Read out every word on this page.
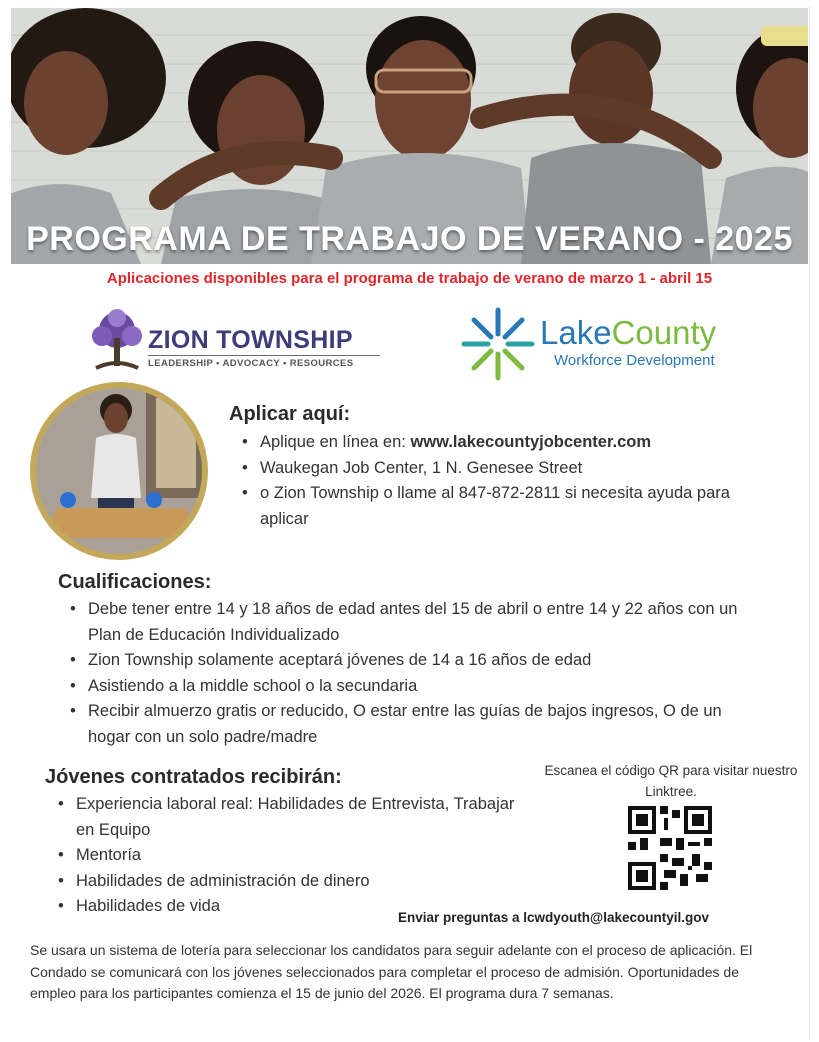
PROGRAMA DE TRABAJO DE VERANO - 2025
Aplicaciones disponibles para el programa de trabajo de verano de marzo 1 - abril 15
ZION TOWNSHIP
LEADERSHIP • ADVOCACY • RESOURCES
LakeCounty
Workforce Development
Aplicar aquí:
• Aplique en línea en: www.lakecountyjobcenter.com
• Waukegan Job Center, 1 N. Genesee Street
• o Zion Township o llame al 847-872-2811 si necesita ayuda para aplicar
Cualificaciones:
• Debe tener entre 14 y 18 años de edad antes del 15 de abril o entre 14 y 22 años con un Plan de Educación Individualizado
• Zion Township solamente aceptará jóvenes de 14 a 16 años de edad
• Asistiendo a la middle school o la secundaria
• Recibir almuerzo gratis or reducido, O estar entre las guías de bajos ingresos, O de un hogar con un solo padre/madre
Jóvenes contratados recibirán:
• Experiencia laboral real: Habilidades de Entrevista, Trabajar en Equipo
• Mentoría
• Habilidades de administración de dinero
• Habilidades de vida
Escanea el código QR para visitar nuestro Linktree.
Enviar preguntas a lcwdyouth@lakecountyil.gov
Se usara un sistema de lotería para seleccionar los candidatos para seguir adelante con el proceso de aplicación. El Condado se comunicará con los jóvenes seleccionados para completar el proceso de admisión. Oportunidades de empleo para los participantes comienza el 15 de junio del 2026. El programa dura 7 semanas.
